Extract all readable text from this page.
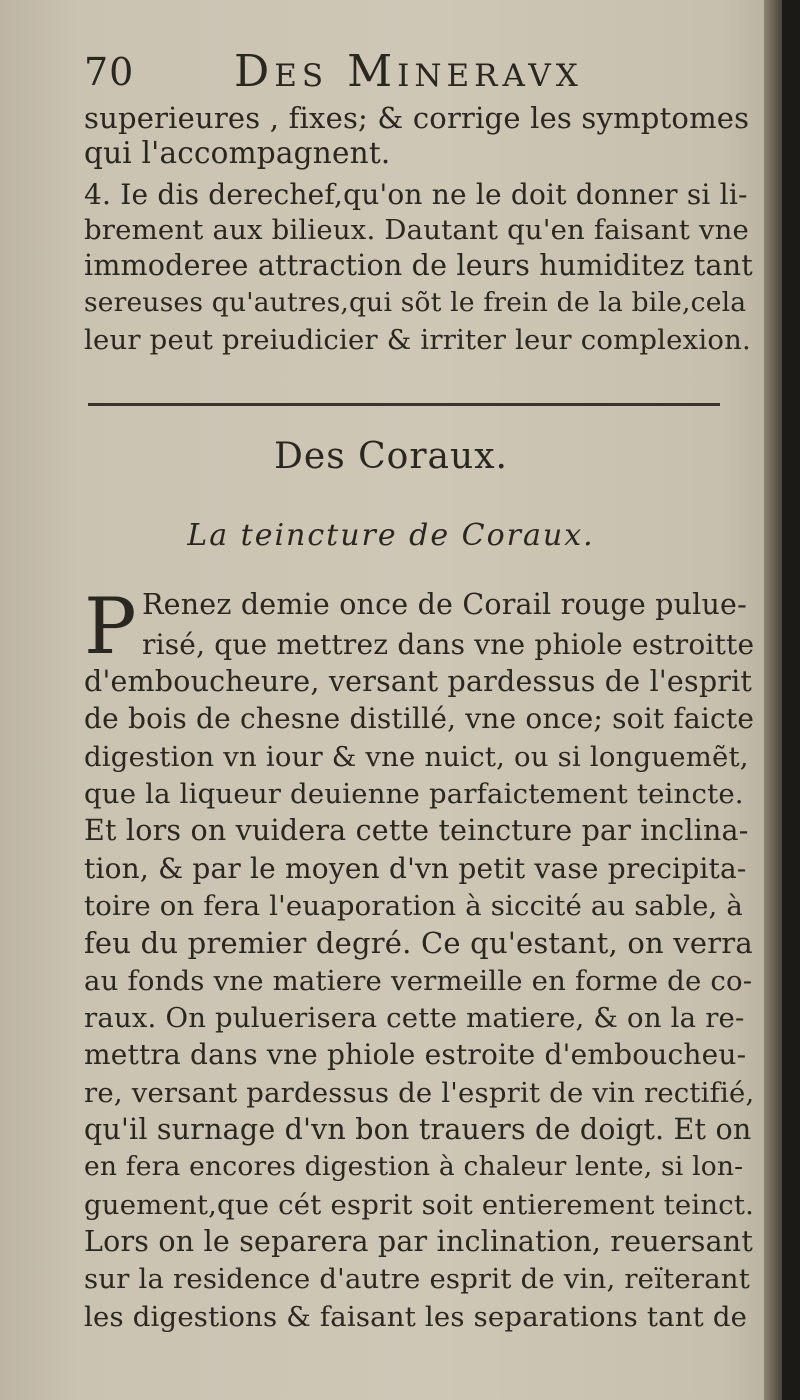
70 Des Mineravx
superieures , fixes; & corrige les symptomes
qui l'accompagnent.
4. Ie dis derechef,qu'on ne le doit donner si li-
brement aux bilieux. Dautant qu'en faisant vne
immoderee attraction de leurs humiditez tant
sereuses qu'autres,qui sõt le frein de la bile,cela
leur peut preiudicier & irriter leur complexion.
Des Coraux.
La teincture de Coraux.
P Renez demie once de Corail rouge pulue-
risé, que mettrez dans vne phiole estroitte
d'emboucheure, versant pardessus de l'esprit
de bois de chesne distillé, vne once; soit faicte
digestion vn iour & vne nuict, ou si longuemẽt,
que la liqueur deuienne parfaictement teincte.
Et lors on vuidera cette teincture par inclina-
tion, & par le moyen d'vn petit vase precipita-
toire on fera l'euaporation à siccité au sable, à
feu du premier degré. Ce qu'estant, on verra
au fonds vne matiere vermeille en forme de co-
raux. On puluerisera cette matiere, & on la re-
mettra dans vne phiole estroite d'emboucheu-
re, versant pardessus de l'esprit de vin rectifié,
qu'il surnage d'vn bon trauers de doigt. Et on
en fera encores digestion à chaleur lente, si lon-
guement,que cét esprit soit entierement teinct.
Lors on le separera par inclination, reuersant
sur la residence d'autre esprit de vin, reïterant
les digestions & faisant les separations tant de
